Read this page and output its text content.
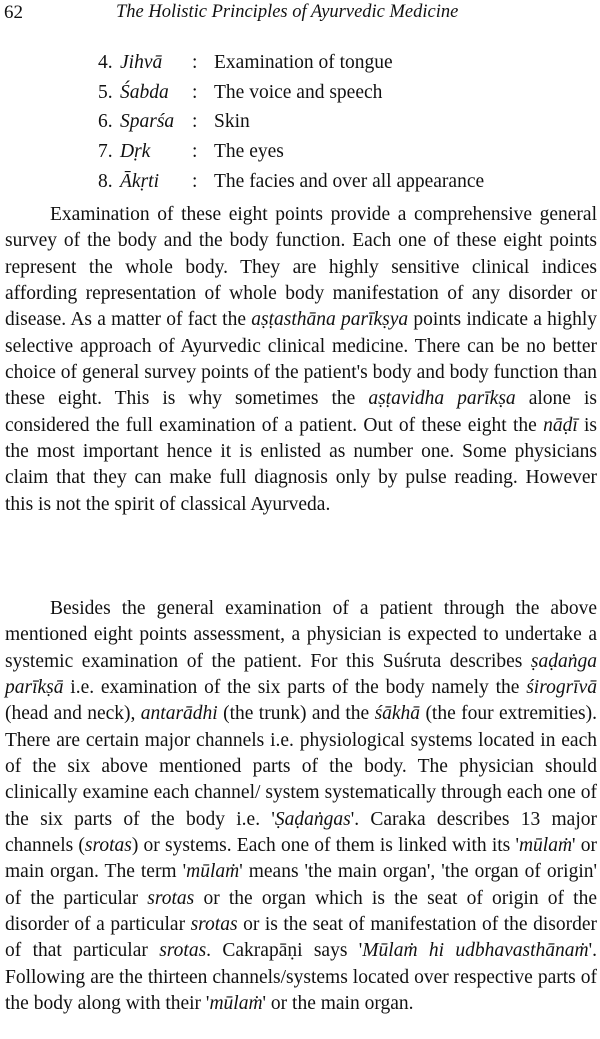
62	The Holistic Principles of Ayurvedic Medicine
4. Jihvā	: Examination of tongue
5. Śabda	: The voice and speech
6. Sparśa : Skin
7. Dṛk	: The eyes
8. Ākṛti	: The facies and over all appearance

Examination of these eight points provide a comprehensive general survey of the body and the body function. Each one of these eight points represent the whole body. They are highly sensitive clinical indices affording representation of whole body manifestation of any disorder or disease. As a matter of fact the aṣṭasthāna parīkṣya points indicate a highly selective approach of Ayurvedic clinical medicine. There can be no better choice of general survey points of the patient's body and body function than these eight. This is why sometimes the aṣṭavidha parīkṣa alone is considered the full examination of a patient. Out of these eight the nāḍī is the most important hence it is enlisted as number one. Some physicians claim that they can make full diagnosis only by pulse reading. However this is not the spirit of classical Ayurveda.

Besides the general examination of a patient through the above mentioned eight points assessment, a physician is expected to undertake a systemic examination of the patient. For this Suśruta describes ṣaḍaṅga parīkṣā i.e. examination of the six parts of the body namely the śirogrīvā (head and neck), antarādhi (the trunk) and the śākhā (the four extremities). There are certain major channels i.e. physiological systems located in each of the six above mentioned parts of the body. The physician should clinically examine each channel/ system systematically through each one of the six parts of the body i.e. 'Ṣaḍaṅgas'. Caraka describes 13 major channels (srotas) or systems. Each one of them is linked with its 'mūlaṁ' or main organ. The term 'mūlaṁ' means 'the main organ', 'the organ of origin' of the particular srotas or the organ which is the seat of origin of the disorder of a particular srotas or is the seat of manifestation of the disorder of that particular srotas. Cakrapāṇi says 'Mūlaṁ hi udbhavasthānaṁ'. Following are the thirteen channels/systems located over respective parts of the body along with their 'mūlaṁ' or the main organ.
